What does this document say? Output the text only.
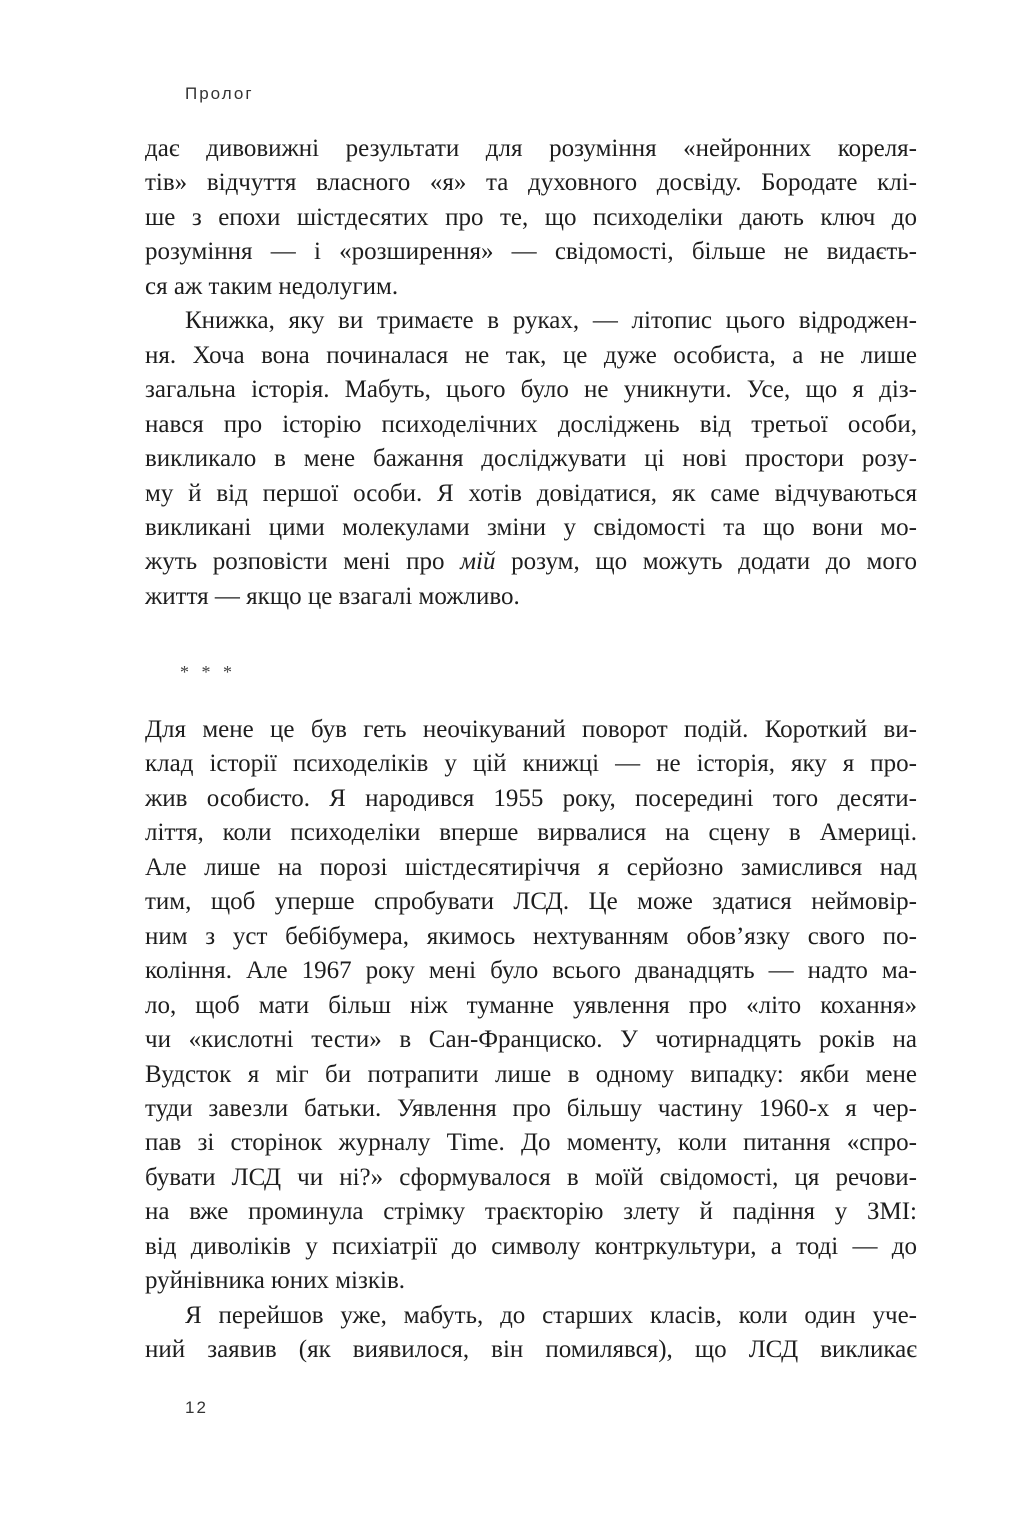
Пролог
дає дивовижні результати для розуміння «нейронних кореля-
тів» відчуття власного «я» та духовного досвіду. Бородате клі-
ше з епохи шістдесятих про те, що психоделіки дають ключ до
розуміння — і «розширення» — свідомості, більше не видаєть-
ся аж таким недолугим.
Книжка, яку ви тримаєте в руках, — літопис цього відроджен-
ня. Хоча вона починалася не так, це дуже особиста, а не лише
загальна історія. Мабуть, цього було не уникнути. Усе, що я діз-
нався про історію психоделічних досліджень від третьої особи,
викликало в мене бажання досліджувати ці нові простори розу-
му й від першої особи. Я хотів довідатися, як саме відчуваються
викликані цими молекулами зміни у свідомості та що вони мо-
жуть розповісти мені про мій розум, що можуть додати до мого
життя — якщо це взагалі можливо.
* * *
Для мене це був геть неочікуваний поворот подій. Короткий ви-
клад історії психоделіків у цій книжці — не історія, яку я про-
жив особисто. Я народився 1955 року, посередині того десяти-
ліття, коли психоделіки вперше вирвалися на сцену в Америці.
Але лише на порозі шістдесятиріччя я серйозно замислився над
тим, щоб уперше спробувати ЛСД. Це може здатися неймовір-
ним з уст бебібумера, якимось нехтуванням обов’язку свого по-
коління. Але 1967 року мені було всього дванадцять — надто ма-
ло, щоб мати більш ніж туманне уявлення про «літо кохання»
чи «кислотні тести» в Сан-Франциско. У чотирнадцять років на
Вудсток я міг би потрапити лише в одному випадку: якби мене
туди завезли батьки. Уявлення про більшу частину 1960-х я чер-
пав зі сторінок журналу Time. До моменту, коли питання «спро-
бувати ЛСД чи ні?» сформувалося в моїй свідомості, ця речови-
на вже проминула стрімку траєкторію злету й падіння у ЗМІ:
від диволіків у психіатрії до символу контркультури, а тоді — до
руйнівника юних мізків.
Я перейшов уже, мабуть, до старших класів, коли один уче-
ний заявив (як виявилося, він помилявся), що ЛСД викликає
12
